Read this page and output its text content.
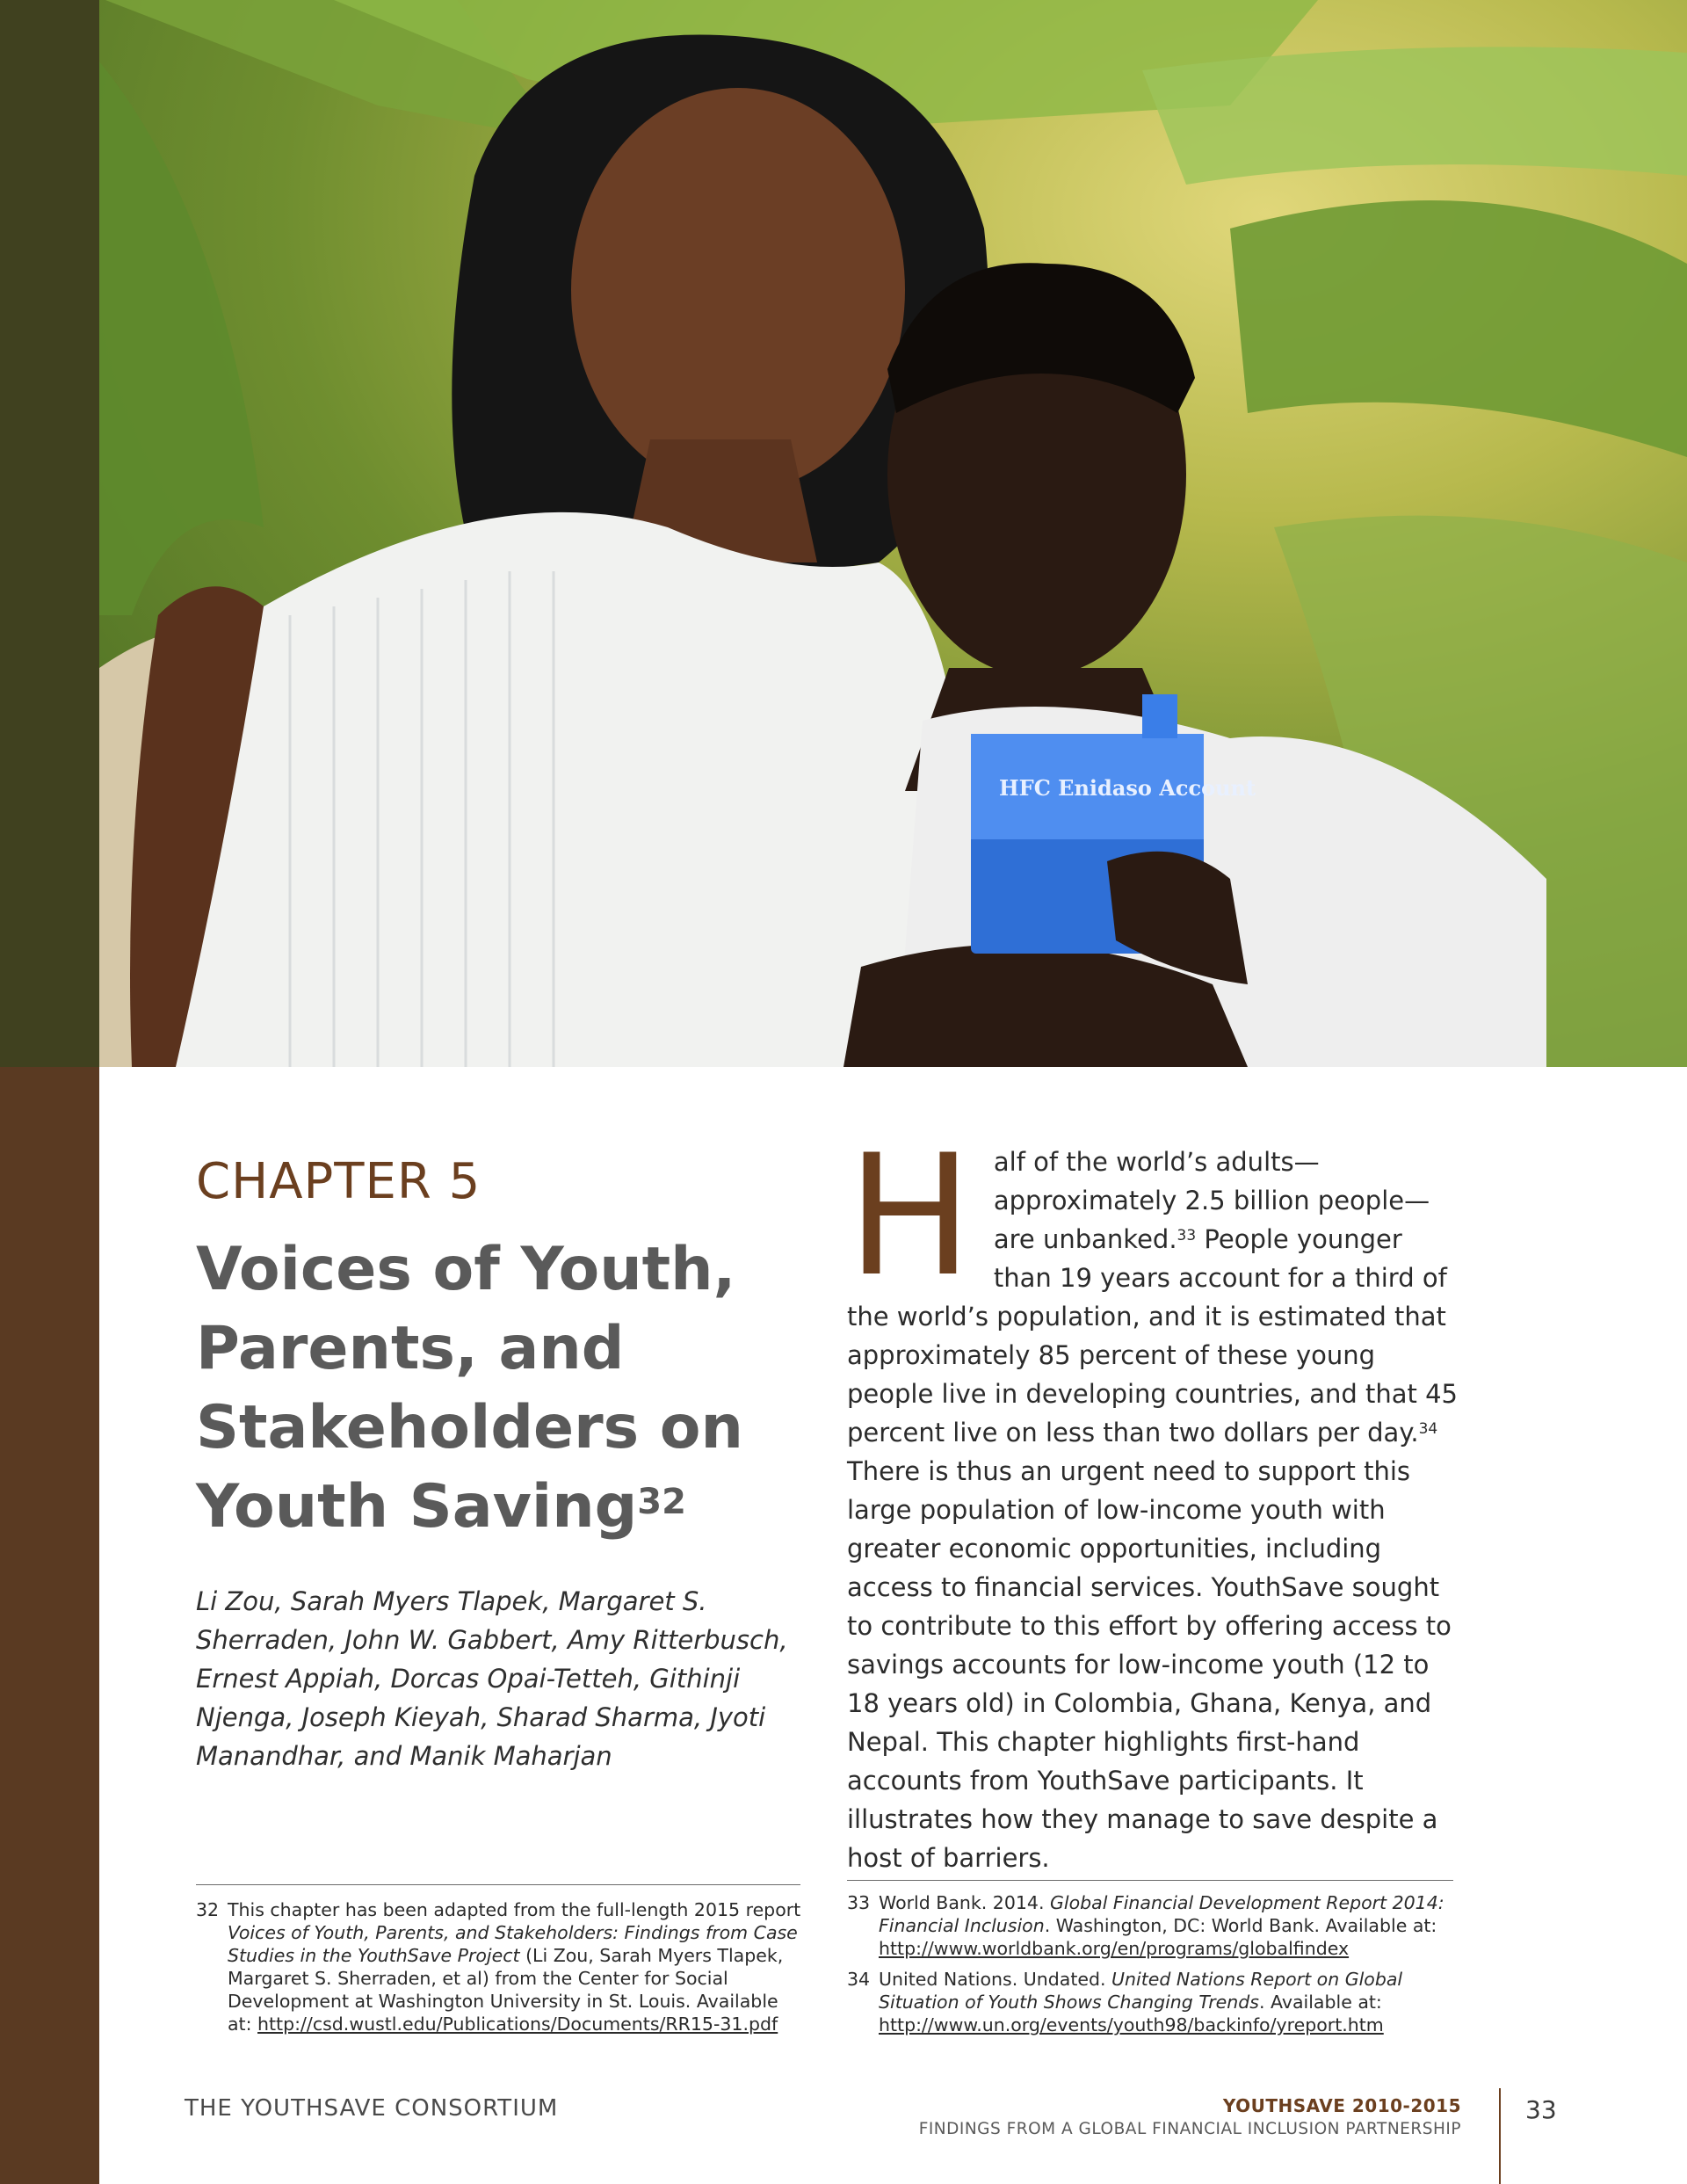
HFC Enidaso Account
CHAPTER 5
Voices of Youth, Parents, and Stakeholders on Youth Saving$^{32}$
Li Zou, Sarah Myers Tlapek, Margaret S. Sherraden, John W. Gabbert, Amy Ritterbusch, Ernest Appiah, Dorcas Opai-Tetteh, Githinji Njenga, Joseph Kieyah, Sharad Sharma, Jyoti Manandhar, and Manik Maharjan
H alf of the world’s adults—approximately 2.5 billion people—are unbanked.$^{33}$ People younger than 19 years account for a third of the world’s population, and it is estimated that approximately 85 percent of these young people live in developing countries, and that 45 percent live on less than two dollars per day.$^{34}$ There is thus an urgent need to support this large population of low-income youth with greater economic opportunities, including access to financial services. YouthSave sought to contribute to this effort by offering access to savings accounts for low-income youth (12 to 18 years old) in Colombia, Ghana, Kenya, and Nepal. This chapter highlights first-hand accounts from YouthSave participants. It illustrates how they manage to save despite a host of barriers.
32 This chapter has been adapted from the full-length 2015 report Voices of Youth, Parents, and Stakeholders: Findings from Case Studies in the YouthSave Project (Li Zou, Sarah Myers Tlapek, Margaret S. Sherraden, et al) from the Center for Social Development at Washington University in St. Louis. Available at: http://csd.wustl.edu/Publications/Documents/RR15-31.pdf
33 World Bank. 2014. Global Financial Development Report 2014: Financial Inclusion. Washington, DC: World Bank. Available at: http://www.worldbank.org/en/programs/globalfindex
34 United Nations. Undated. United Nations Report on Global Situation of Youth Shows Changing Trends. Available at: http://www.un.org/events/youth98/backinfo/yreport.htm
THE YOUTHSAVE CONSORTIUM	YOUTHSAVE 2010-2015
FINDINGS FROM A GLOBAL FINANCIAL INCLUSION PARTNERSHIP
33
